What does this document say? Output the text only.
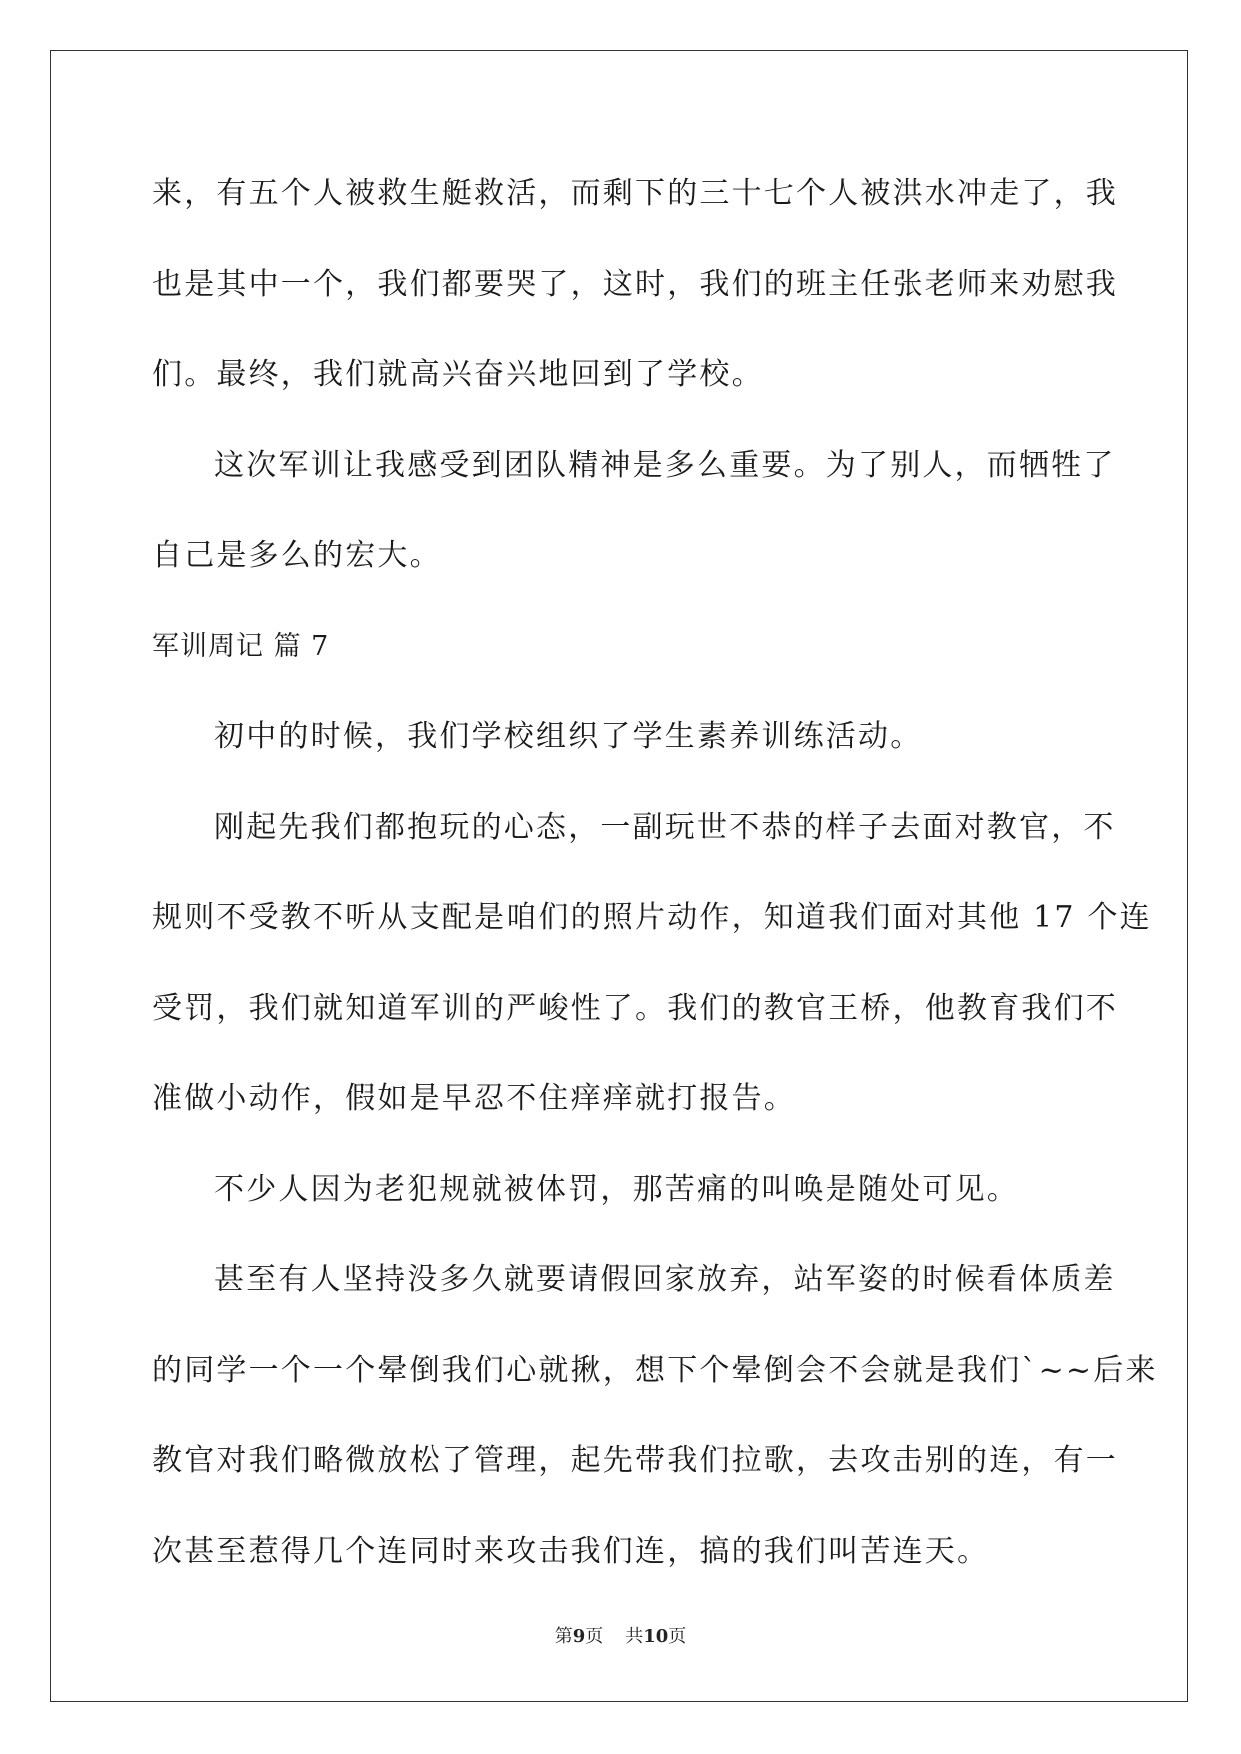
来，有五个人被救生艇救活，而剩下的三十七个人被洪水冲走了，我

也是其中一个，我们都要哭了，这时，我们的班主任张老师来劝慰我

们。最终，我们就高兴奋兴地回到了学校。

这次军训让我感受到团队精神是多么重要。为了别人，而牺牲了

自己是多么的宏大。

军训周记 篇 7

初中的时候，我们学校组织了学生素养训练活动。

刚起先我们都抱玩的心态，一副玩世不恭的样子去面对教官，不

规则不受教不听从支配是咱们的照片动作，知道我们面对其他 17 个连

受罚，我们就知道军训的严峻性了。我们的教官王桥，他教育我们不

准做小动作，假如是早忍不住痒痒就打报告。

不少人因为老犯规就被体罚，那苦痛的叫唤是随处可见。

甚至有人坚持没多久就要请假回家放弃，站军姿的时候看体质差

的同学一个一个晕倒我们心就揪，想下个晕倒会不会就是我们`~~后来

教官对我们略微放松了管理，起先带我们拉歌，去攻击别的连，有一

次甚至惹得几个连同时来攻击我们连，搞的我们叫苦连天。

第9页 共10页
